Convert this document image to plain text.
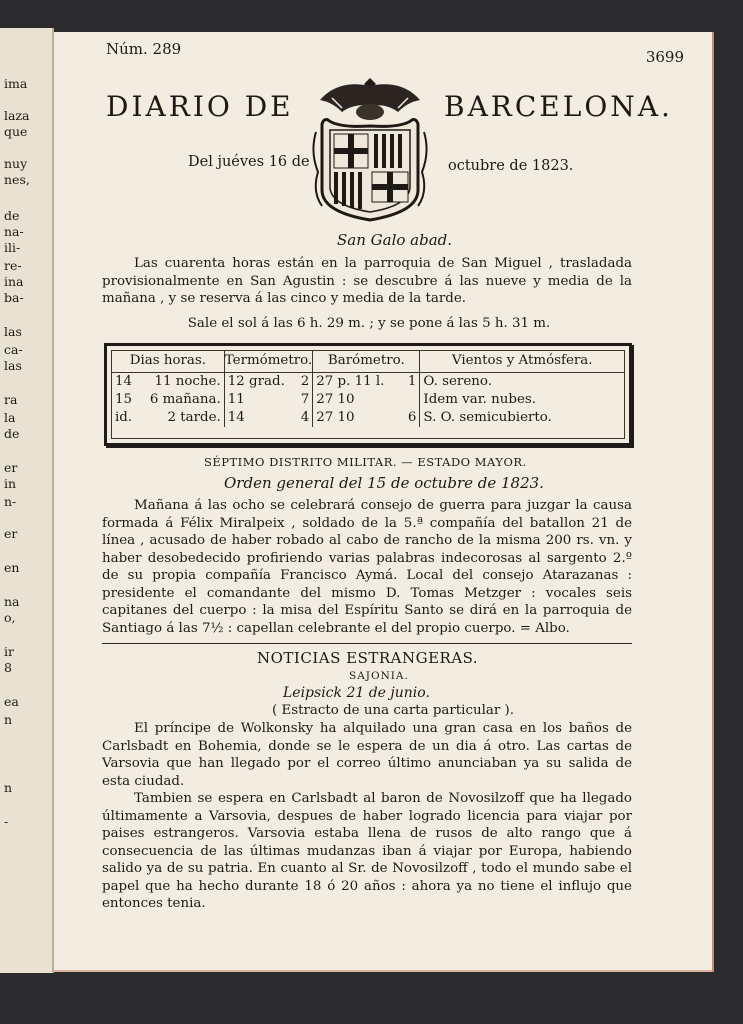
ima
laza
que
nuy
nes,
de
na-
ili-
re-
ina
ba-
las
ca-
las
ra
la
de
er
in
n-
er
en
na
o,
ir
8
ea
n
n
-
Núm. 289	3699
DIARIO DE	BARCELONA.
Del juéves 16 de	octubre de 1823.
San Galo abad.
Las cuarenta horas están en la parroquia de San Miguel , trasladada provisionalmente en San Agustin : se descubre á las nueve y media de la mañana , y se reserva á las cinco y media de la tarde.
Sale el sol á las 6 h. 29 m. ; y se pone á las 5 h. 31 m.
Dias horas.	Termómetro.	Barómetro.	Vientos y Atmósfera.
14 11 noche.	12 grad. 2	27 p. 11 l. 1	O. sereno.
15 6 mañana.	11 7	27 10	Idem var. nubes.
id. 2 tarde.	14 4	27 10 6	S. O. semicubierto.
SÉPTIMO DISTRITO MILITAR. — ESTADO MAYOR.
Orden general del 15 de octubre de 1823.
Mañana á las ocho se celebrará consejo de guerra para juzgar la causa formada á Félix Miralpeix , soldado de la 5.ª compañía del batallon 21 de línea , acusado de haber robado al cabo de rancho de la misma 200 rs. vn. y haber desobedecido profiriendo varias palabras indecorosas al sargento 2.º de su propia compañía Francisco Aymá. Local del consejo Atarazanas : presidente el comandante del mismo D. Tomas Metzger : vocales seis capitanes del cuerpo : la misa del Espíritu Santo se dirá en la parroquia de Santiago á las 7½ : capellan celebrante el del propio cuerpo. = Albo.
NOTICIAS ESTRANGERAS.
SAJONIA.
Leipsick 21 de junio.
( Estracto de una carta particular ).
El príncipe de Wolkonsky ha alquilado una gran casa en los baños de Carlsbadt en Bohemia, donde se le espera de un dia á otro. Las cartas de Varsovia que han llegado por el correo último anunciaban ya su salida de esta ciudad.
Tambien se espera en Carlsbadt al baron de Novosilzoff que ha llegado últimamente a Varsovia, despues de haber logrado licencia para viajar por paises estrangeros. Varsovia estaba llena de rusos de alto rango que á consecuencia de las últimas mudanzas iban á viajar por Europa, habiendo salido ya de su patria. En cuanto al Sr. de Novosilzoff , todo el mundo sabe el papel que ha hecho durante 18 ó 20 años : ahora ya no tiene el influjo que entonces tenia.
